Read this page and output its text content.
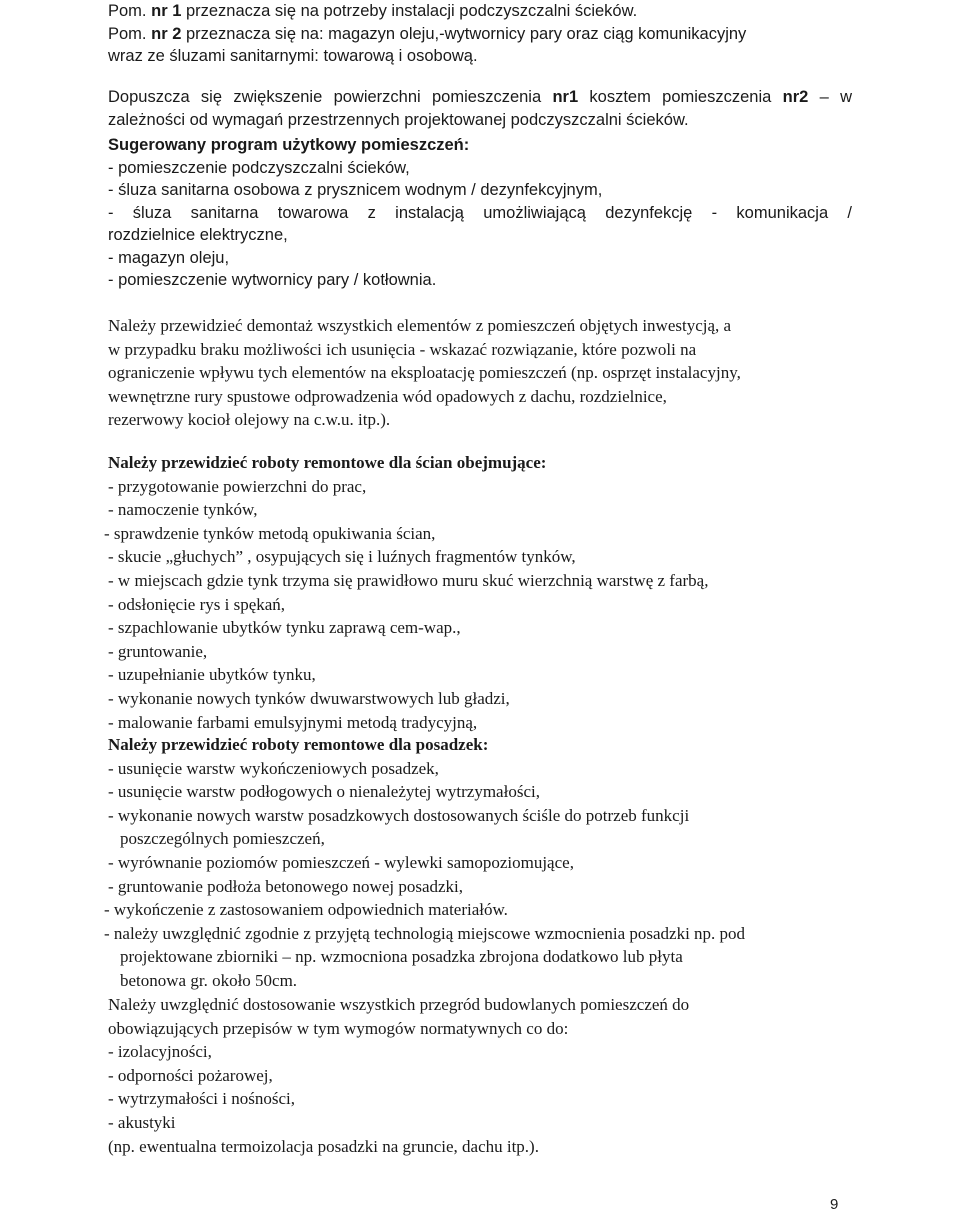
Pom. nr 1 przeznacza się na potrzeby instalacji podczyszczalni ścieków.
Pom. nr 2 przeznacza się na: magazyn oleju,-wytwornicy pary oraz ciąg komunikacyjny
wraz ze śluzami sanitarnymi: towarową i osobową.
Dopuszcza się zwiększenie powierzchni pomieszczenia nr1 kosztem pomieszczenia nr2 – w
zależności od wymagań przestrzennych projektowanej podczyszczalni ścieków.
Sugerowany program użytkowy pomieszczeń:
- pomieszczenie podczyszczalni ścieków,
- śluza sanitarna osobowa z prysznicem wodnym / dezynfekcyjnym,
- śluza sanitarna towarowa z instalacją umożliwiającą dezynfekcję - komunikacja /
rozdzielnice elektryczne,
- magazyn oleju,
- pomieszczenie wytwornicy pary / kotłownia.
Należy przewidzieć demontaż wszystkich elementów z pomieszczeń objętych inwestycją, a
w przypadku braku możliwości ich usunięcia - wskazać rozwiązanie, które pozwoli na
ograniczenie wpływu tych elementów na eksploatację pomieszczeń (np. osprzęt instalacyjny,
wewnętrzne rury spustowe odprowadzenia wód opadowych z dachu, rozdzielnice,
rezerwowy kocioł olejowy na c.w.u. itp.).
Należy przewidzieć roboty remontowe dla ścian obejmujące:
- przygotowanie powierzchni do prac,
- namoczenie tynków,
- sprawdzenie tynków metodą opukiwania ścian,
- skucie „głuchych” , osypujących się i luźnych fragmentów tynków,
- w miejscach gdzie tynk trzyma się prawidłowo muru skuć wierzchnią warstwę z farbą,
- odsłonięcie rys i spękań,
- szpachlowanie ubytków tynku zaprawą cem-wap.,
- gruntowanie,
- uzupełnianie ubytków tynku,
- wykonanie nowych tynków dwuwarstwowych lub gładzi,
- malowanie farbami emulsyjnymi metodą tradycyjną,
Należy przewidzieć roboty remontowe dla posadzek:
- usunięcie warstw wykończeniowych posadzek,
- usunięcie warstw podłogowych o nienależytej wytrzymałości,
- wykonanie nowych warstw posadzkowych dostosowanych ściśle do potrzeb funkcji
poszczególnych pomieszczeń,
- wyrównanie poziomów pomieszczeń - wylewki samopoziomujące,
- gruntowanie podłoża betonowego nowej posadzki,
- wykończenie z zastosowaniem odpowiednich materiałów.
- należy uwzględnić zgodnie z przyjętą technologią miejscowe wzmocnienia posadzki np. pod
projektowane zbiorniki – np. wzmocniona posadzka zbrojona dodatkowo lub płyta
betonowa gr. około 50cm.
Należy uwzględnić dostosowanie wszystkich przegród budowlanych pomieszczeń do
obowiązujących przepisów w tym wymogów normatywnych co do:
- izolacyjności,
- odporności pożarowej,
- wytrzymałości i nośności,
- akustyki
(np. ewentualna termoizolacja posadzki na gruncie, dachu itp.).
9
